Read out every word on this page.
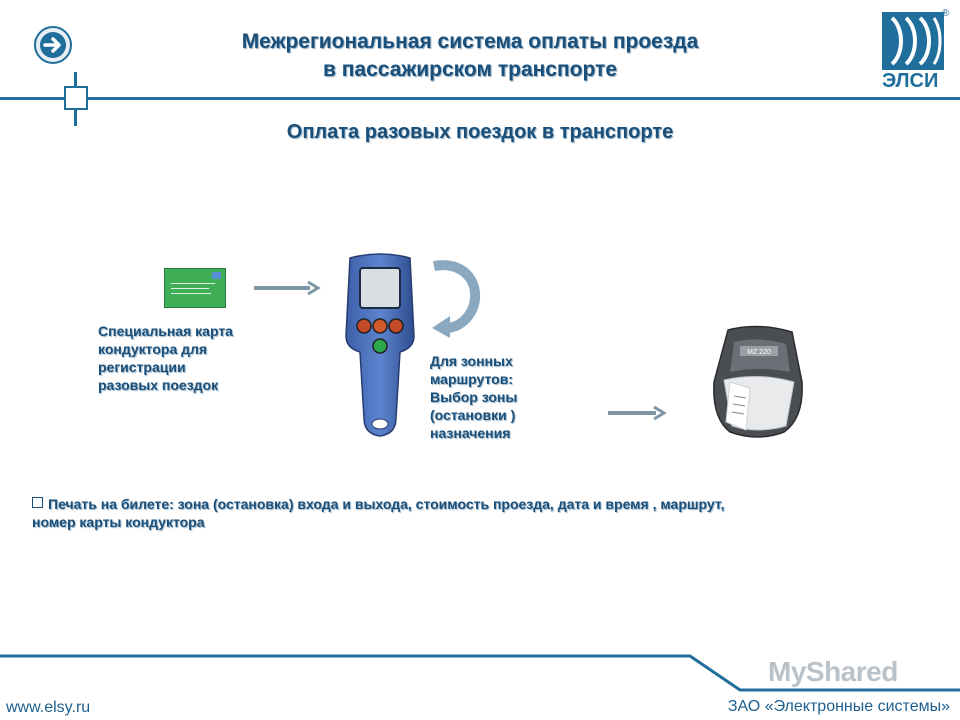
Межрегиональная система оплаты проезда
в пассажирском транспорте	ЭЛСИ
®
Оплата разовых поездок в транспорте
Специальная карта
кондуктора для
регистрации
разовых поездок
Для зонных
маршрутов:
Выбор зоны
(остановки )
назначения
MZ 220
Печать на билете: зона (остановка) входа и выхода, стоимость проезда, дата и время , маршрут,
номер карты кондуктора
MyShared
www.elsy.ru	ЗАО «Электронные системы»
